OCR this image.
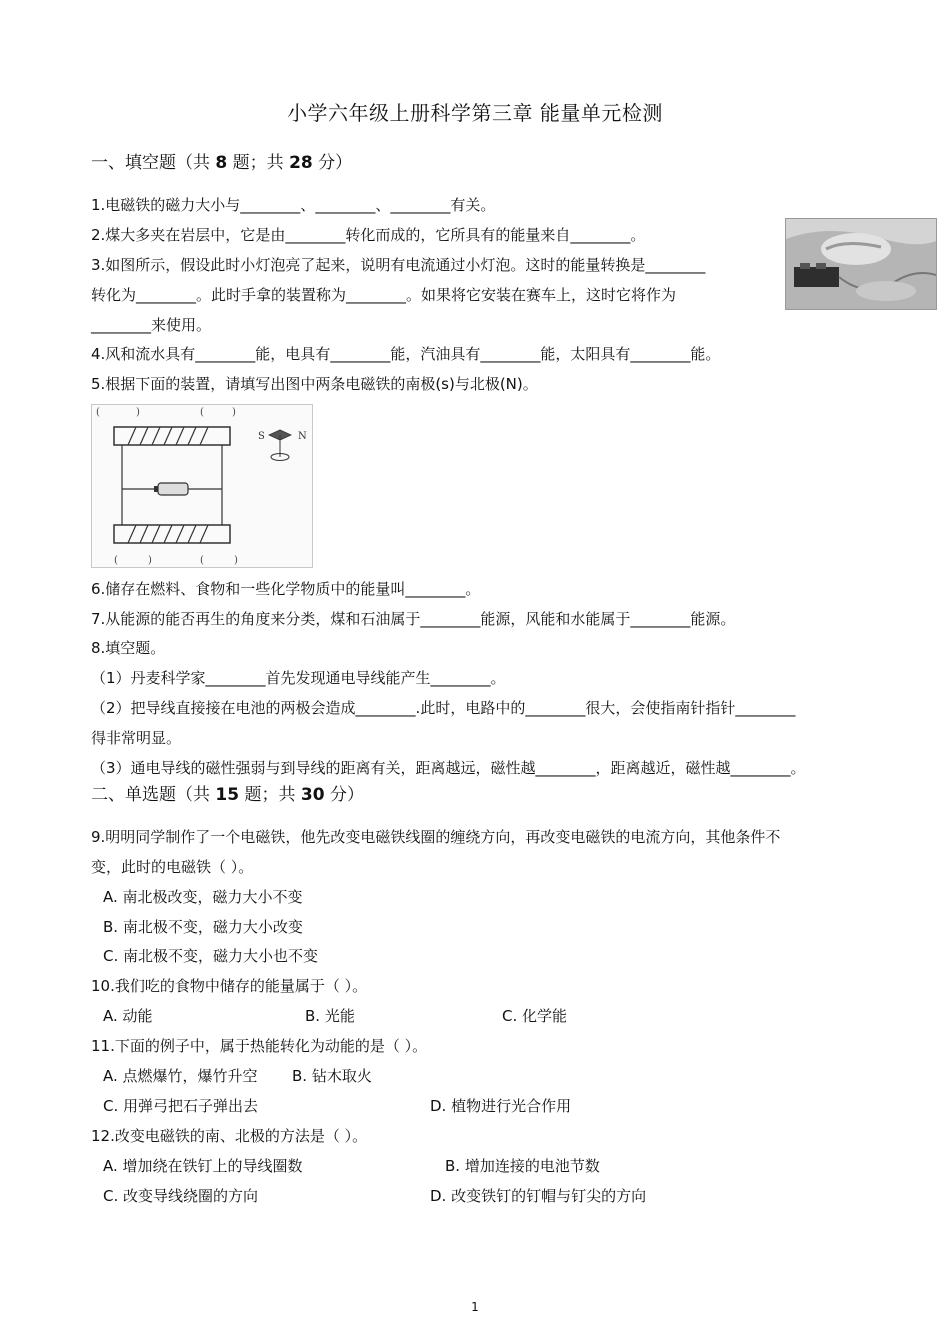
小学六年级上册科学第三章 能量单元检测
一、填空题（共 8 题；共 28 分）
1.电磁铁的磁力大小与________、________、________有关。
2.煤大多夹在岩层中，它是由________转化而成的，它所具有的能量来自________。
3.如图所示，假设此时小灯泡亮了起来，说明有电流通过小灯泡。这时的能量转换是________
转化为________。此时手拿的装置称为________。如果将它安装在赛车上，这时它将作为
________来使用。
4.风和流水具有________能，电具有________能，汽油具有________能，太阳具有________能。
5.根据下面的装置，请填写出图中两条电磁铁的南极(s)与北极(N)。
(	)	(	)
(	)	(	)
S	N
6.储存在燃料、食物和一些化学物质中的能量叫________。
7.从能源的能否再生的角度来分类，煤和石油属于________能源，风能和水能属于________能源。
8.填空题。
（1）丹麦科学家________首先发现通电导线能产生________。
（2）把导线直接接在电池的两极会造成________.此时，电路中的________很大，会使指南针指针________
得非常明显。
（3）通电导线的磁性强弱与到导线的距离有关，距离越远，磁性越________，距离越近，磁性越________。
二、单选题（共 15 题；共 30 分）
9.明明同学制作了一个电磁铁，他先改变电磁铁线圈的缠绕方向，再改变电磁铁的电流方向，其他条件不
变，此时的电磁铁（ ）。
A. 南北极改变，磁力大小不变
B. 南北极不变，磁力大小改变
C. 南北极不变，磁力大小也不变
10.我们吃的食物中储存的能量属于（ ）。
A. 动能	B. 光能	C. 化学能
11.下面的例子中，属于热能转化为动能的是（ ）。
A. 点燃爆竹，爆竹升空 B. 钻木取火
C. 用弹弓把石子弹出去	D. 植物进行光合作用
12.改变电磁铁的南、北极的方法是（ ）。
A. 增加绕在铁钉上的导线圈数	B. 增加连接的电池节数
C. 改变导线绕圈的方向	D. 改变铁钉的钉帽与钉尖的方向
1
